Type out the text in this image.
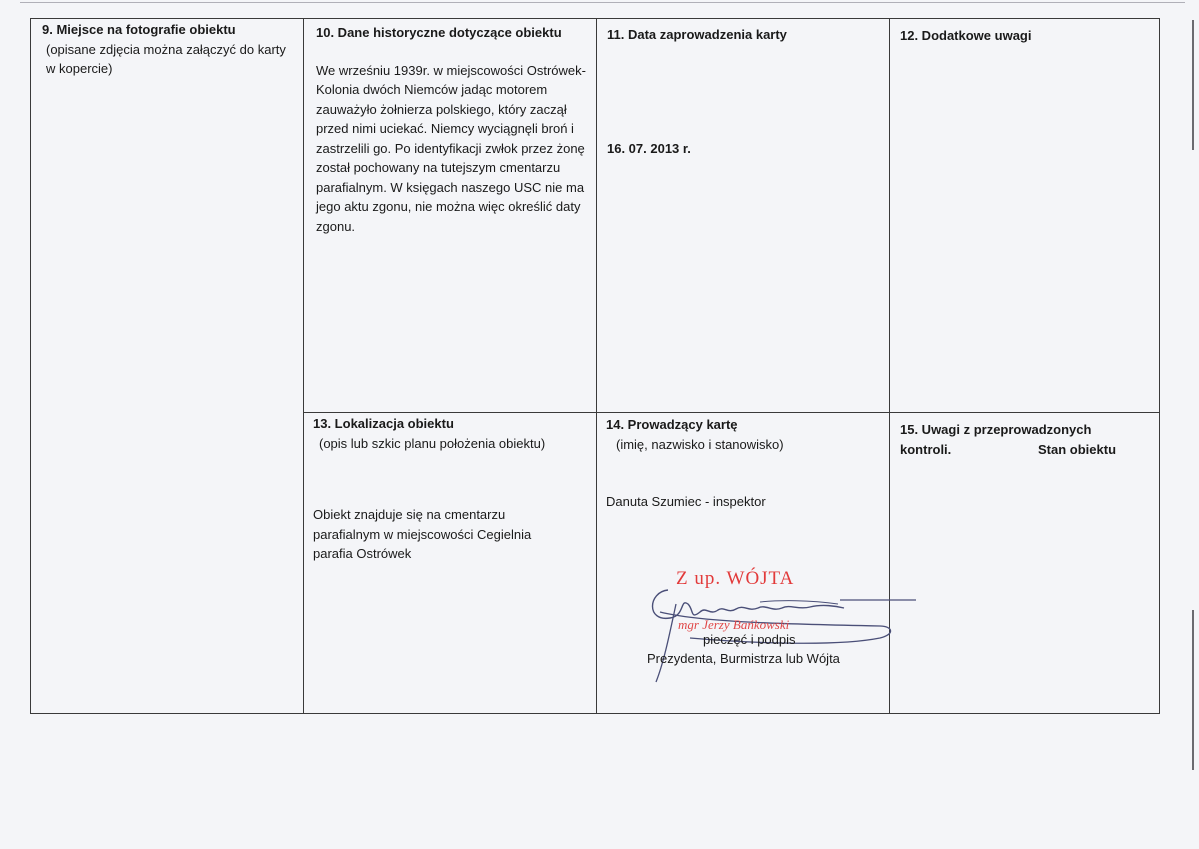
9. Miejsce na fotografie obiektu
(opisane zdjęcia można załączyć do karty w kopercie)
10. Dane historyczne dotyczące obiektu
We wrześniu 1939r. w miejscowości Ostrówek-Kolonia dwóch Niemców jadąc motorem zauważyło żołnierza polskiego, który zaczął przed nimi uciekać. Niemcy wyciągnęli broń i zastrzelili go. Po identyfikacji zwłok przez żonę został pochowany na tutejszym cmentarzu parafialnym. W księgach naszego USC nie ma jego aktu zgonu, nie można więc określić daty zgonu.
11. Data zaprowadzenia karty
16. 07. 2013 r.
12. Dodatkowe uwagi
13. Lokalizacja obiektu
(opis lub szkic planu położenia obiektu)
Obiekt znajduje się na cmentarzu parafialnym w miejscowości Cegielnia parafia Ostrówek
14. Prowadzący kartę
(imię, nazwisko i stanowisko)
Danuta Szumiec - inspektor
Z up. WÓJTA
mgr Jerzy Bańkowski
pieczęć i podpis
Prezydenta, Burmistrza lub Wójta
15. Uwagi z przeprowadzonych
kontroli.	Stan obiektu
